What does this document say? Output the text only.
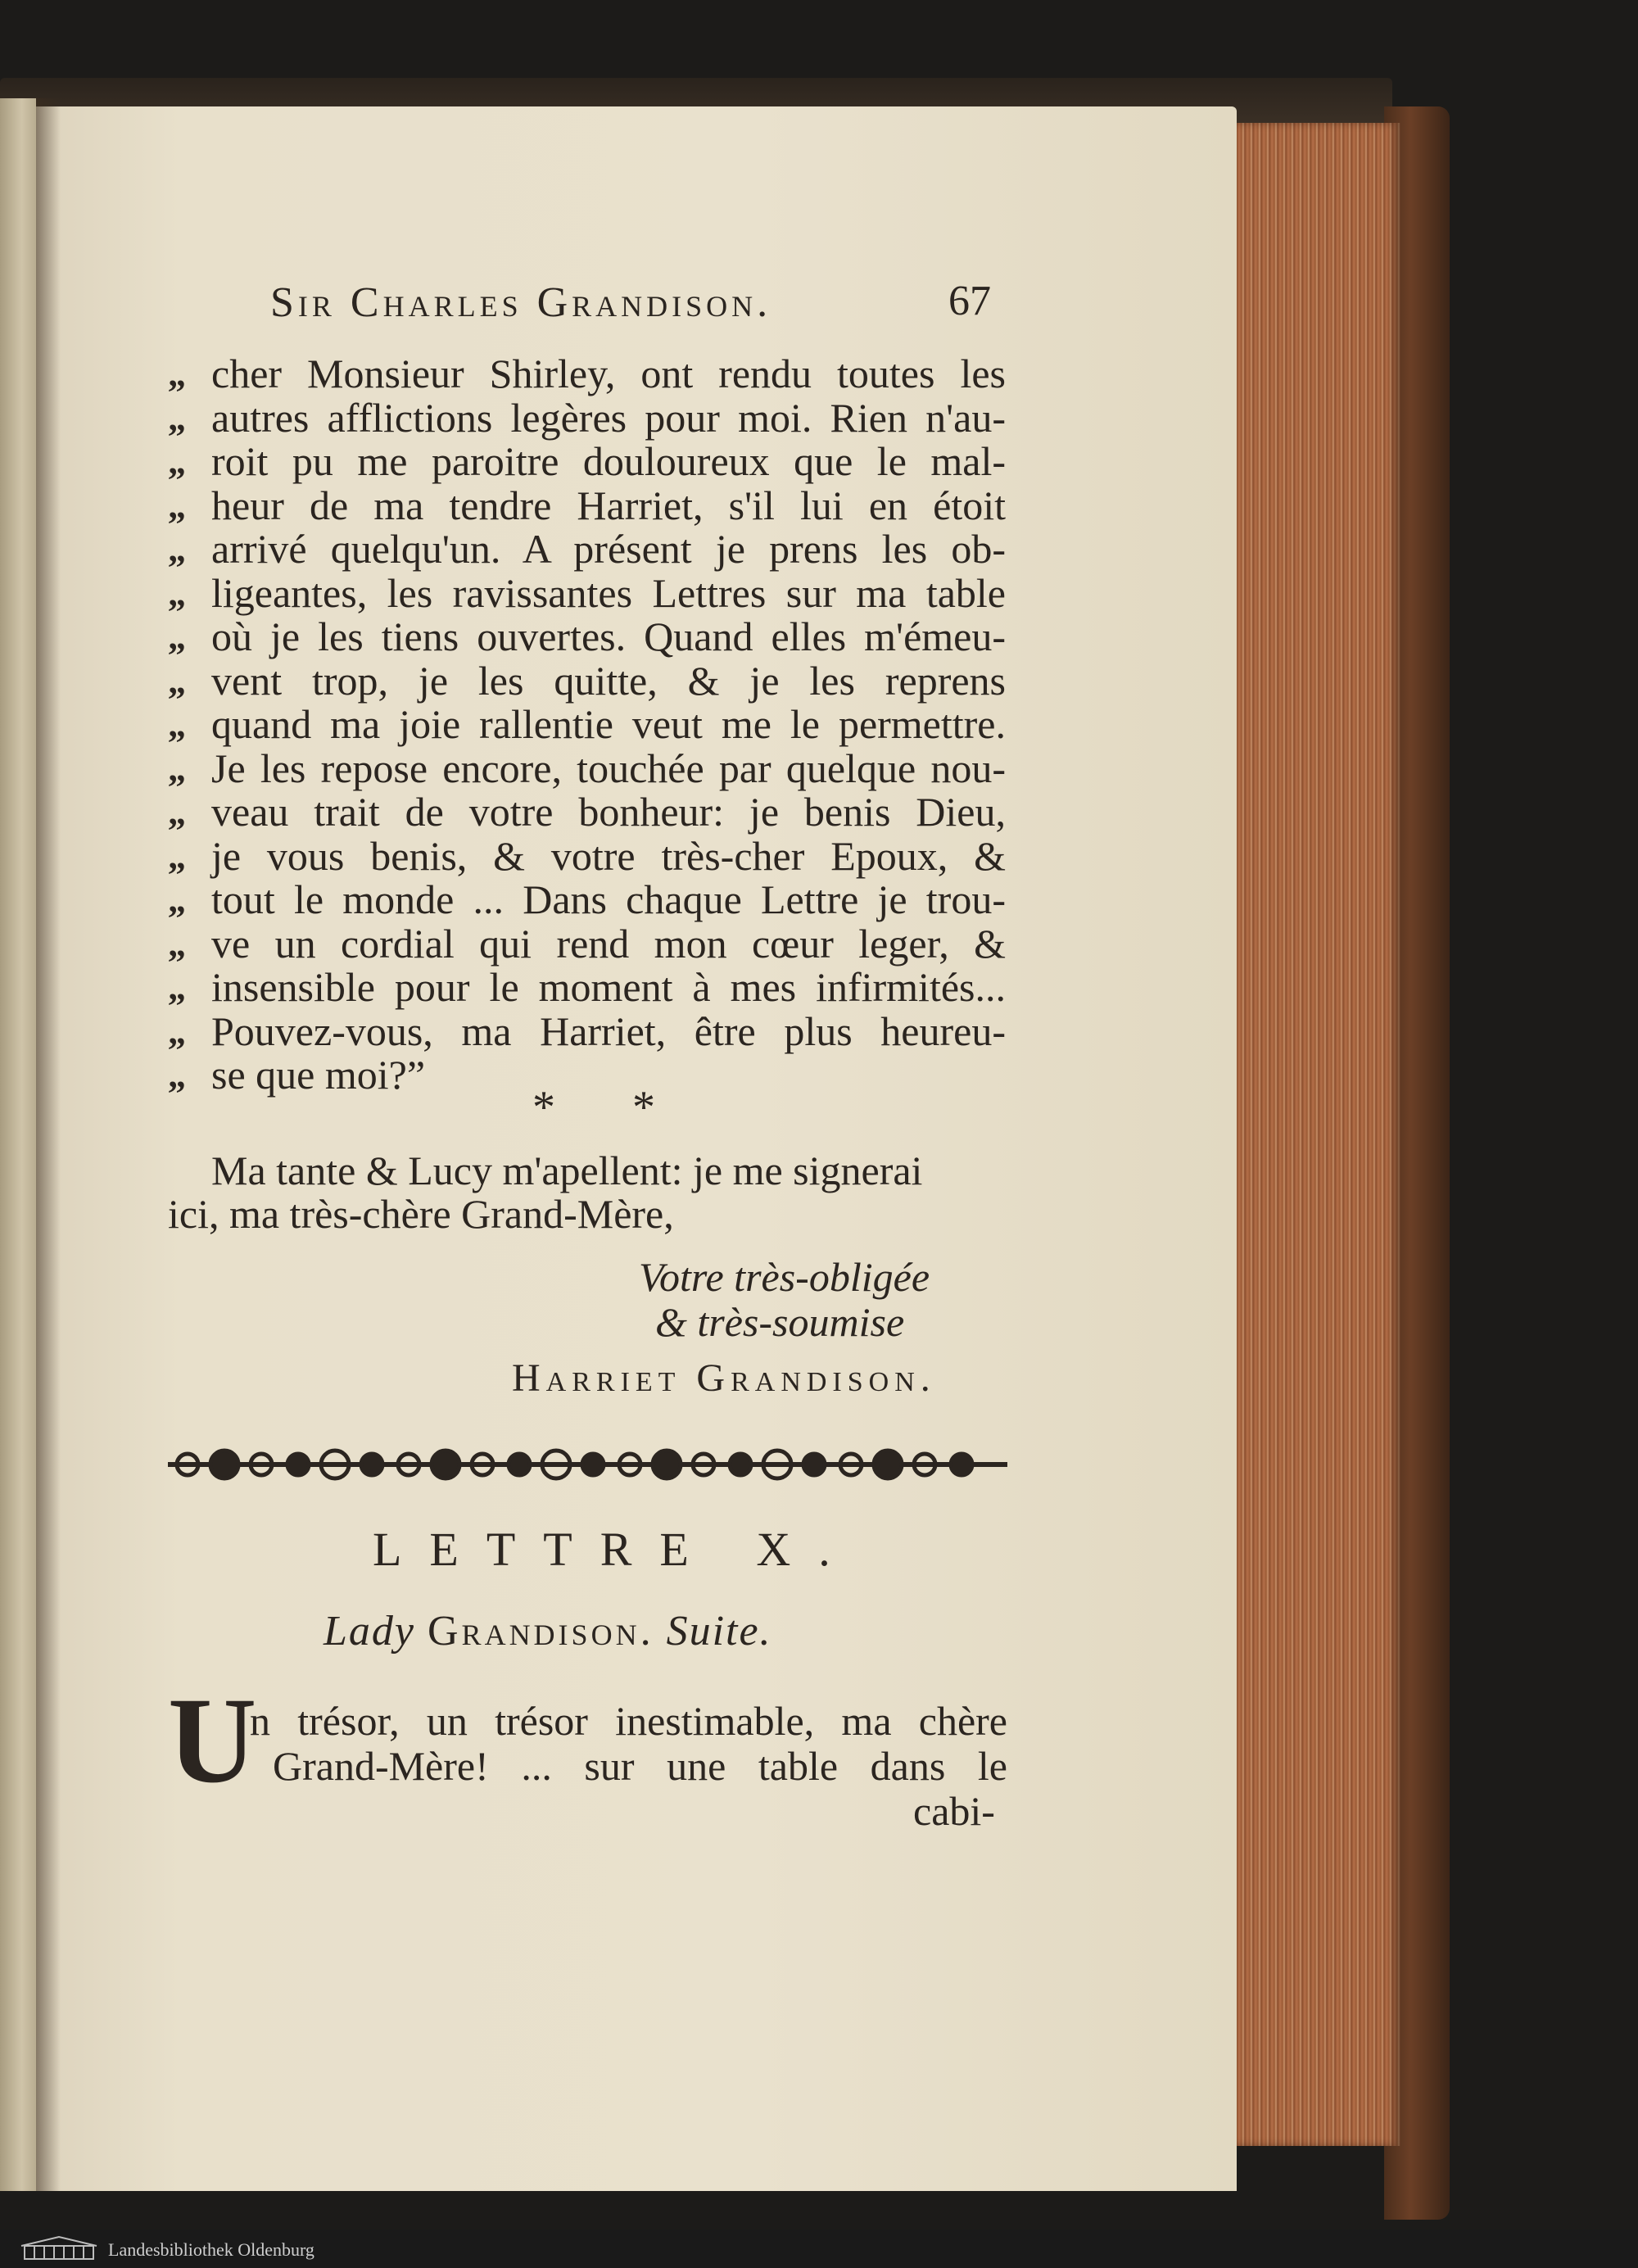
Sir Charles Grandison.	67
„
„
„
„
„
„
„
„
„
„
„
„
„
„
„
„
„
cher Monsieur Shirley, ont rendu toutes les
autres afflictions legères pour moi. Rien n'au-
roit pu me paroitre douloureux que le mal-
heur de ma tendre Harriet, s'il lui en étoit
arrivé quelqu'un. A présent je prens les ob-
ligeantes, les ravissantes Lettres sur ma table
où je les tiens ouvertes. Quand elles m'émeu-
vent trop, je les quitte, & je les reprens
quand ma joie rallentie veut me le permettre.
Je les repose encore, touchée par quelque nou-
veau trait de votre bonheur: je benis Dieu,
je vous benis, & votre très-cher Epoux, &
tout le monde ... Dans chaque Lettre je trou-
ve un cordial qui rend mon cœur leger, &
insensible pour le moment à mes infirmités...
Pouvez-vous, ma Harriet, être plus heureu-
se que moi?”
* *
Ma tante & Lucy m'apellent: je me signerai
ici, ma très-chère Grand-Mère,
Votre très-obligée
& très-soumise
Harriet Grandison.
LETTRE X.
Lady Grandison. Suite.
U
n trésor, un trésor inestimable, ma chère
Grand-Mère! ... sur une table dans le
cabi-
Landesbibliothek Oldenburg
